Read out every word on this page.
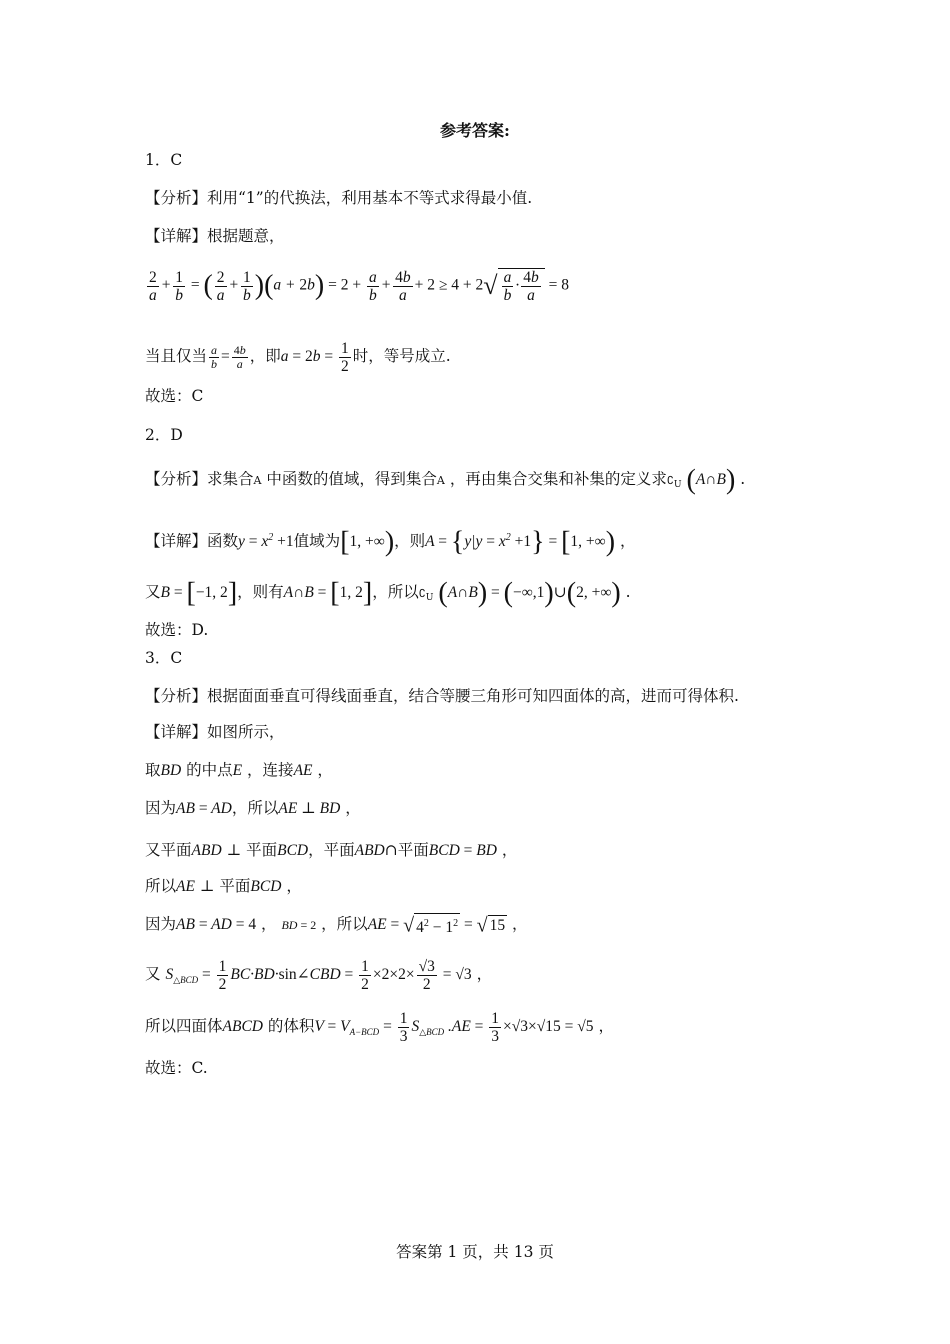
参考答案:
1．C
【分析】利用“1”的代换法，利用基本不等式求得最小值.
【详解】根据题意，
$\frac{2}{a} + \frac{1}{b}$ = ( $\frac{2}{a} + \frac{1}{b} )(a + 2b) = 2 + \frac{a}{b} + \frac{4b}{a} + 2 \ge 4 + 2√ \frac{a}{b} \cdot \frac{4b}{a} = 8$
当且仅当 $\frac{a}{b} = \frac{4b}{a}$ ，即$a = 2b = \frac{1}{2}$ 时，等号成立.
故选：C
2．D
【分析】求集合A 中函数的值域，得到集合A ，再由集合交集和补集的定义求$∁_U$ (A∩B) .
【详解】函数$y = x^2 +1$值域为[1, +∞)，则$A = \{y|y = x^2 +1\} = [1$, +∞) ，
又B = [−1, 2]，则有A∩B = [1, 2]，所以$∁_U$ (A∩B) = (−∞,1)∪(2, +∞) .
故选：D.
3．C
【分析】根据面面垂直可得线面垂直，结合等腰三角形可知四面体的高，进而可得体积.
【详解】如图所示，
取BD 的中点E ，连接AE ，
因为AB = AD，所以AE ⊥ BD ，
又平面ABD ⊥ 平面BCD，平面ABD∩平面BCD = BD ，
所以AE ⊥ 平面BCD ，
因为AB = AD = 4 ， BD = 2 ，所以AE = √ $4^2 - 1^2$ = √ 15 ，
又 $S_{\triangle BCD} = \frac{1}{2}$ BC·BD·sin∠CBD = $\frac{1}{2} \times 2\times 2\times \frac{√3}{2} = √3$ ，
所以四面体ABCD 的体积$V = V_{A-BCD} = \frac{1}{3} S_{\triangle BCD}$ $.AE = \frac{1}{3} \times√3\times√15 = √5$ ，
故选：C.
答案第 1 页，共 13 页
